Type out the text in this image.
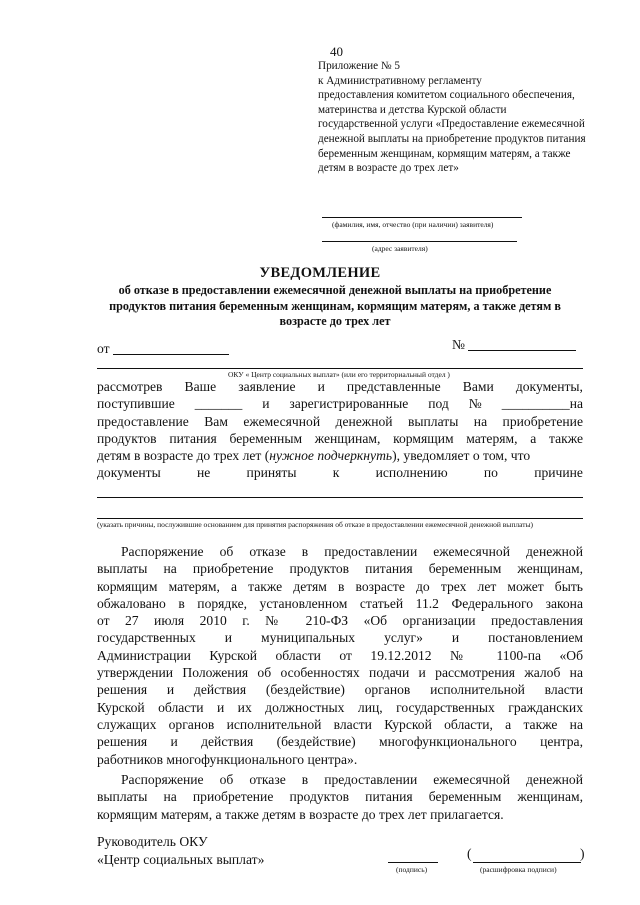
40
Приложение № 5
к Административному регламенту
предоставления комитетом социального обеспечения,
материнства и детства Курской области
государственной услуги «Предоставление ежемесячной
денежной выплаты на приобретение продуктов питания
беременным женщинам, кормящим матерям, а также
детям в возрасте до трех лет»
(фамилия, имя, отчество (при наличии) заявителя)
(адрес заявителя)
УВЕДОМЛЕНИЕ
об отказе в предоставлении ежемесячной денежной выплаты на приобретение
продуктов питания беременным женщинам, кормящим матерям, а также детям в
возрасте до трех лет
от	№
ОКУ « Центр социальных выплат» (или его территориальный отдел )
рассмотрев Ваше заявление и представленные Вами документы,
поступившие _______ и зарегистрированные под № __________на
предоставление Вам ежемесячной денежной выплаты на приобретение
продуктов питания беременным женщинам, кормящим матерям, а также
детям в возрасте до трех лет (нужное подчеркнуть), уведомляет о том, что
документы	не	приняты	к	исполнению	по	причине
(указать причины, послужившие основанием для принятия распоряжения об отказе в предоставлении ежемесячной денежной выплаты)
Распоряжение об отказе в предоставлении ежемесячной денежной
выплаты на приобретение продуктов питания беременным женщинам,
кормящим матерям, а также детям в возрасте до трех лет может быть
обжаловано в порядке, установленном статьей 11.2 Федерального закона
от 27 июля 2010 г. № 210-ФЗ «Об организации предоставления
государственных и муниципальных услуг» и постановлением
Администрации Курской области от 19.12.2012 № 1100-па «Об
утверждении Положения об особенностях подачи и рассмотрения жалоб на
решения и действия (бездействие) органов исполнительной власти
Курской области и их должностных лиц, государственных гражданских
служащих органов исполнительной власти Курской области, а также на
решения и действия (бездействие) многофункционального центра,
работников многофункционального центра».
Распоряжение об отказе в предоставлении ежемесячной денежной
выплаты на приобретение продуктов питания беременным женщинам,
кормящим матерям, а также детям в возрасте до трех лет прилагается.
Руководитель ОКУ
«Центр социальных выплат»
(подпись)
(	)
(расшифровка подписи)
